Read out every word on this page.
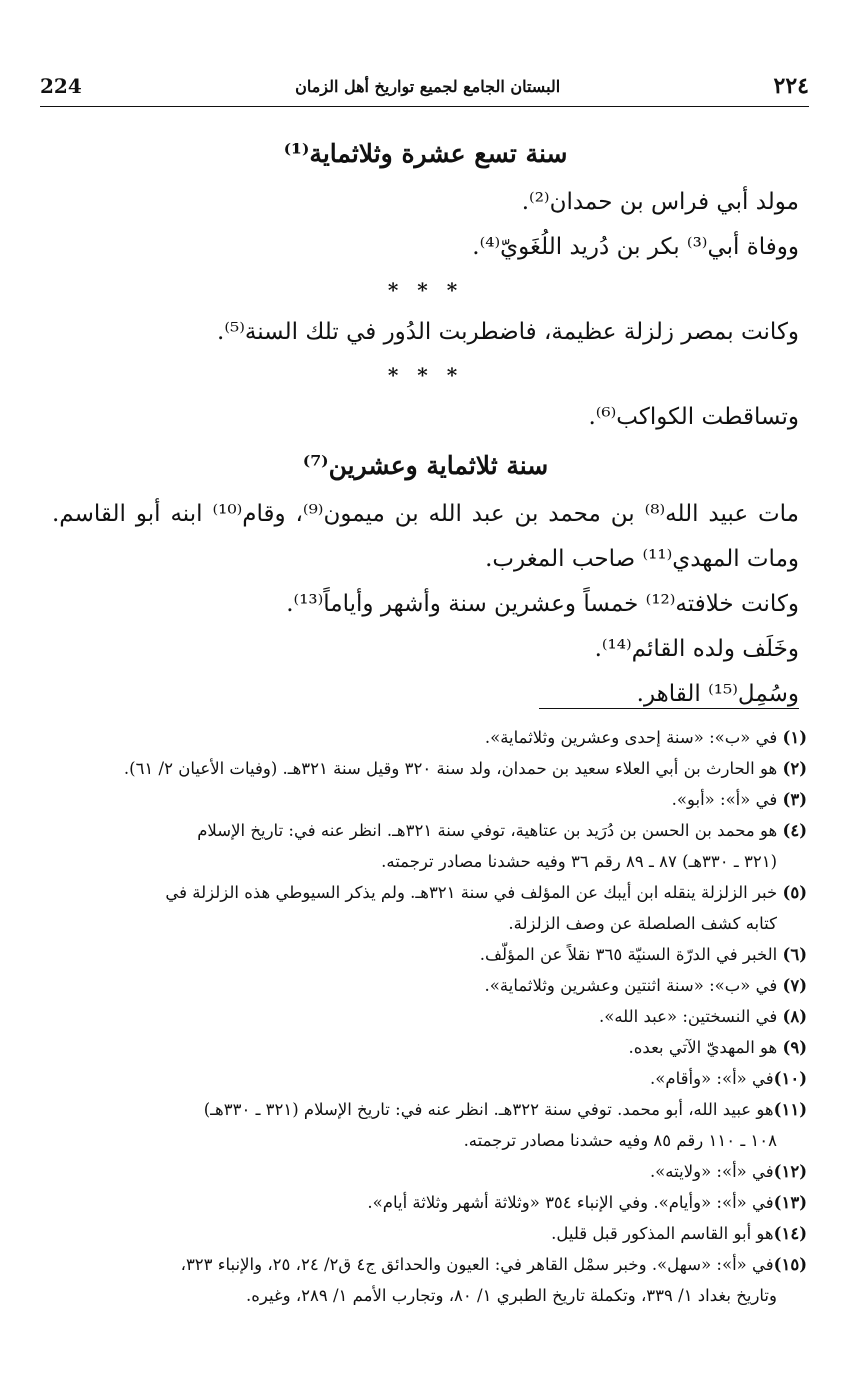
224	البستان الجامع لجميع تواريخ أهل الزمان	٢٢٤
سنة تسع عشرة وثلاثماية⁽¹⁾

مولد أبي فراس بن حمدان⁽²⁾.

ووفاة أبي⁽³⁾ بكر بن دُريد اللُغَويّ⁽⁴⁾.

* * *

وكانت بمصر زلزلة عظيمة، فاضطربت الدُور في تلك السنة⁽⁵⁾.

* * *

وتساقطت الكواكب⁽⁶⁾.

سنة ثلاثماية وعشرين⁽⁷⁾

مات عبيد الله⁽⁸⁾ بن محمد بن عبد الله بن ميمون⁽⁹⁾، وقام⁽¹⁰⁾ ابنه أبو القاسم.

ومات المهدي⁽¹¹⁾ صاحب المغرب.

وكانت خلافته⁽¹²⁾ خمساً وعشرين سنة وأشهر وأياماً⁽¹³⁾.

وخَلَف ولده القائم⁽¹⁴⁾.

وسُمِل⁽¹⁵⁾ القاهر.

(١) في «ب»: «سنة إحدى وعشرين وثلاثماية».

(٢) هو الحارث بن أبي العلاء سعيد بن حمدان، ولد سنة ٣٢٠ وقيل سنة ٣٢١هـ. (وفيات الأعيان ٢/ ٦١).

(٣) في «أ»: «أبو».

(٤) هو محمد بن الحسن بن دُرَيد بن عتاهية، توفي سنة ٣٢١هـ. انظر عنه في: تاريخ الإسلام
(٣٢١ ـ ٣٣٠هـ) ٨٧ ـ ٨٩ رقم ٣٦ وفيه حشدنا مصادر ترجمته.

(٥) خبر الزلزلة ينقله ابن أيبك عن المؤلف في سنة ٣٢١هـ. ولم يذكر السيوطي هذه الزلزلة في
كتابه كشف الصلصلة عن وصف الزلزلة.

(٦) الخبر في الدرّة السنيّة ٣٦٥ نقلاً عن المؤلّف.

(٧) في «ب»: «سنة اثنتين وعشرين وثلاثماية».

(٨) في النسختين: «عبد الله».

(٩) هو المهديّ الآتي بعده.

(١٠)في «أ»: «وأقام».

(١١)هو عبيد الله، أبو محمد. توفي سنة ٣٢٢هـ. انظر عنه في: تاريخ الإسلام (٣٢١ ـ ٣٣٠هـ)
١٠٨ ـ ١١٠ رقم ٨٥ وفيه حشدنا مصادر ترجمته.

(١٢)في «أ»: «ولايته».

(١٣)في «أ»: «وأيام». وفي الإنباء ٣٥٤ «وثلاثة أشهر وثلاثة أيام».

(١٤)هو أبو القاسم المذكور قبل قليل.

(١٥)في «أ»: «سهل». وخبر سمْل القاهر في: العيون والحدائق ج٤ ق٢/ ٢٤، ٢٥، والإنباء ٣٢٣،
وتاريخ بغداد ١/ ٣٣٩، وتكملة تاريخ الطبري ١/ ٨٠، وتجارب الأمم ١/ ٢٨٩، وغيره.
